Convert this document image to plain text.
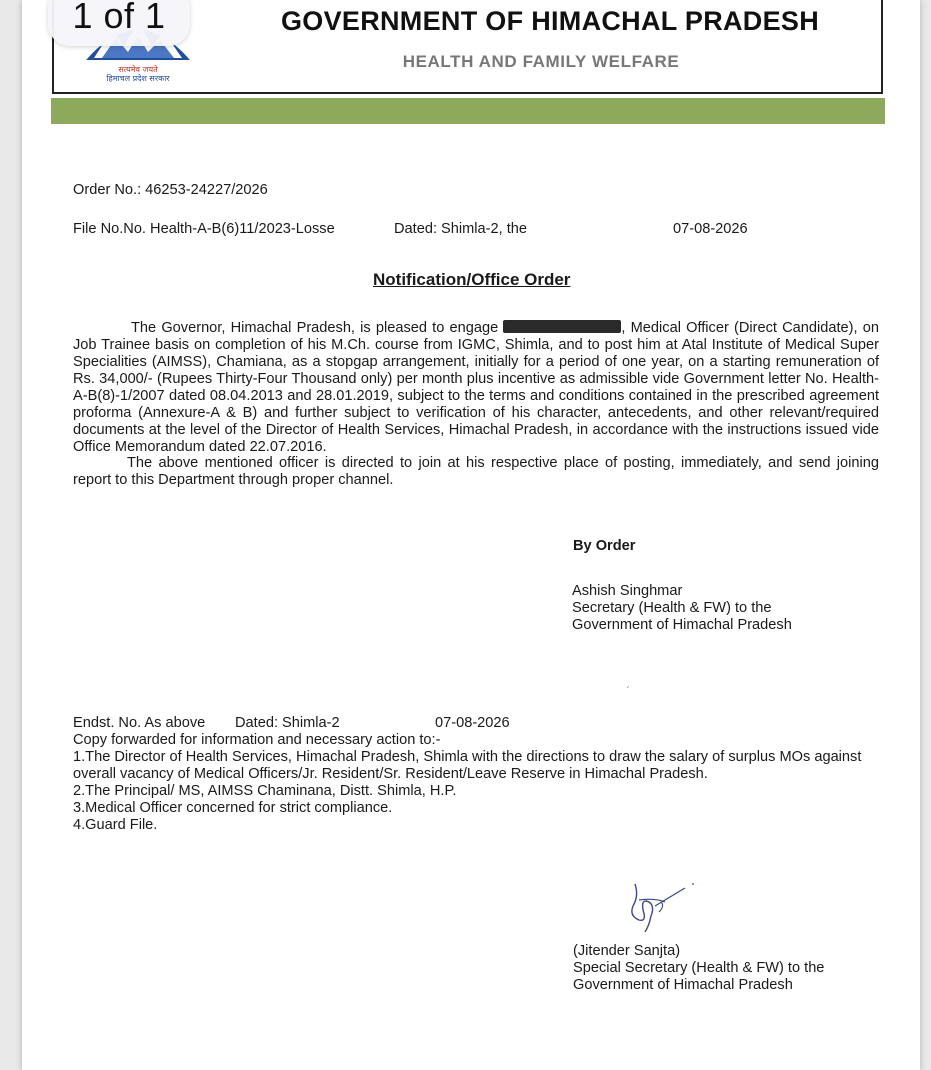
सत्यमेव जयते
हिमाचल प्रदेश सरकार
1 of 1	GOVERNMENT OF HIMACHAL PRADESH
HEALTH AND FAMILY WELFARE
Order No.: 46253-24227/2026
File No.No. Health-A-B(6)11/2023-Losse	Dated: Shimla-2, the	07-08-2026
Notification/Office Order
The Governor, Himachal Pradesh, is pleased to engage	, Medical Officer (Direct Candidate), on Job Trainee basis on completion of his M.Ch. course from IGMC, Shimla, and to post him at Atal Institute of Medical Super Specialities (AIMSS), Chamiana, as a stopgap arrangement, initially for a period of one year, on a starting remuneration of Rs. 34,000/- (Rupees Thirty-Four Thousand only) per month plus incentive as admissible vide Government letter No. Health-A-B(8)-1/2007 dated 08.04.2013 and 28.01.2019, subject to the terms and conditions contained in the prescribed agreement proforma (Annexure-A & B) and further subject to verification of his character, antecedents, and other relevant/required documents at the level of the Director of Health Services, Himachal Pradesh, in accordance with the instructions issued vide Office Memorandum dated 22.07.2016.
The above mentioned officer is directed to join at his respective place of posting, immediately, and send joining report to this Department through proper channel.
By Order
Ashish Singhmar
Secretary (Health & FW) to the
Government of Himachal Pradesh
ˏ
Endst. No. As above Dated: Shimla-2	07-08-2026
Copy forwarded for information and necessary action to:-
1.The Director of Health Services, Himachal Pradesh, Shimla with the directions to draw the salary of surplus MOs against overall vacancy of Medical Officers/Jr. Resident/Sr. Resident/Leave Reserve in Himachal Pradesh.
2.The Principal/ MS, AIMSS Chaminana, Distt. Shimla, H.P.
3.Medical Officer concerned for strict compliance.
4.Guard File.
(Jitender Sanjta)
Special Secretary (Health & FW) to the
Government of Himachal Pradesh
